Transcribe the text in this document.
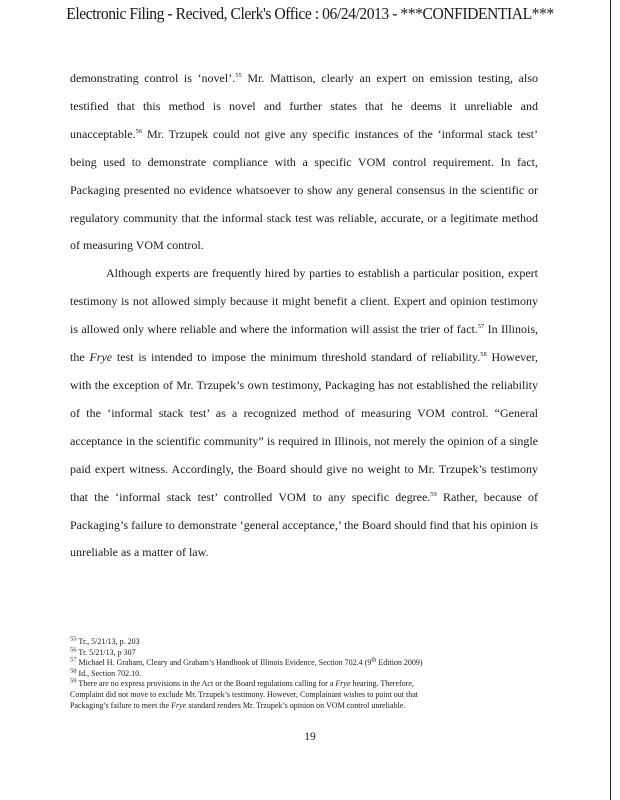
Electronic Filing - Recived, Clerk's Office : 06/24/2013 - ***CONFIDENTIAL***

demonstrating control is ‘novel’.$^{55}$ Mr. Mattison, clearly an expert on emission testing, also testified that this method is novel and further states that he deems it unreliable and unacceptable.$^{56}$ Mr. Trzupek could not give any specific instances of the ‘informal stack test’ being used to demonstrate compliance with a specific VOM control requirement. In fact, Packaging presented no evidence whatsoever to show any general consensus in the scientific or regulatory community that the informal stack test was reliable, accurate, or a legitimate method of measuring VOM control.

Although experts are frequently hired by parties to establish a particular position, expert testimony is not allowed simply because it might benefit a client. Expert and opinion testimony is allowed only where reliable and where the information will assist the trier of fact.$^{57}$ In Illinois, the Frye test is intended to impose the minimum threshold standard of reliability.$^{58}$ However, with the exception of Mr. Trzupek’s own testimony, Packaging has not established the reliability of the ‘informal stack test’ as a recognized method of measuring VOM control. “General acceptance in the scientific community” is required in Illinois, not merely the opinion of a single paid expert witness. Accordingly, the Board should give no weight to Mr. Trzupek’s testimony that the ‘informal stack test’ controlled VOM to any specific degree.$^{59}$ Rather, because of Packaging’s failure to demonstrate ‘general acceptance,’ the Board should find that his opinion is unreliable as a matter of law.

$^{55}$ Tr., 5/21/13, p. 203
$^{56}$ Tr. 5/21/13, p 307
$^{57}$ Michael H. Graham, Cleary and Graham’s Handbook of Illinois Evidence, Section 702.4 (9th Edition 2009)
$^{58}$ Id., Section 702.10.
$^{59}$ There are no express provisions in the Act or the Board regulations calling for a Frye hearing. Therefore,
Complaint did not move to exclude Mr. Trzupek’s testimony. However, Complainant wishes to point out that
Packaging’s failure to meet the Frye standard renders Mr. Trzupek’s opinion on VOM control unreliable.
19
